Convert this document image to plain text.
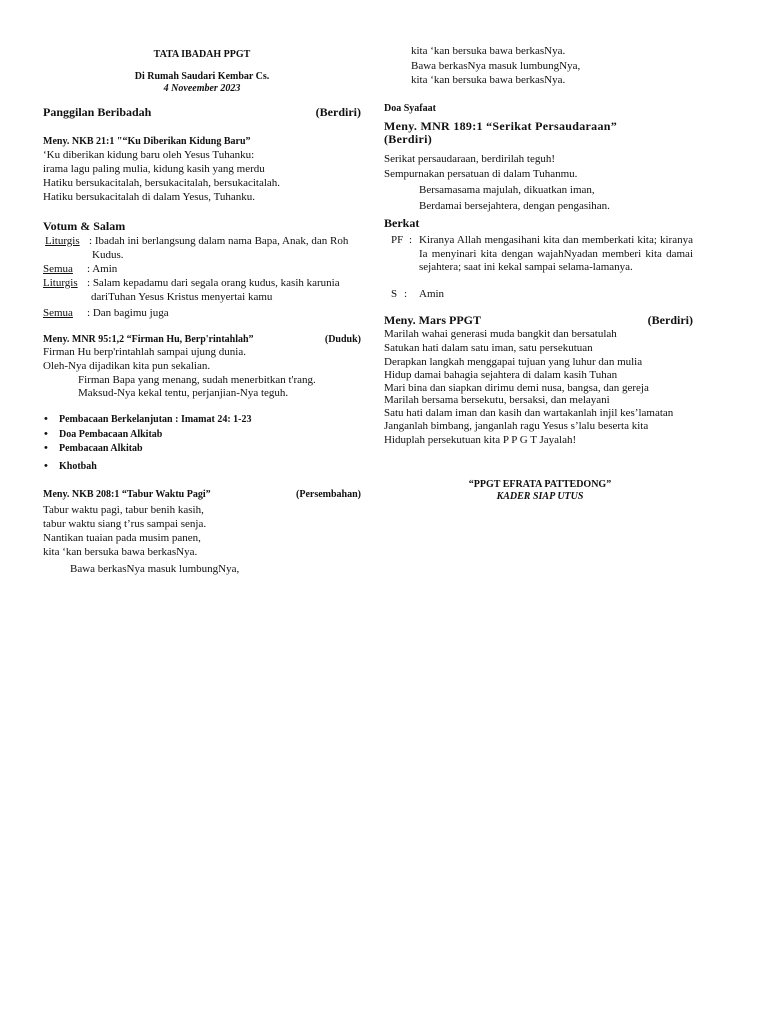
TATA IBADAH PPGT
Di Rumah Saudari Kembar Cs.
4 Noveember 2023
Panggilan Beribadah	(Berdiri)
Meny. NKB 21:1 "“Ku Diberikan Kidung Baru”
‘Ku diberikan kidung baru oleh Yesus Tuhanku:
irama lagu paling mulia, kidung kasih yang merdu
Hatiku bersukacitalah, bersukacitalah, bersukacitalah.
Hatiku bersukacitalah di dalam Yesus, Tuhanku.
Votum & Salam
Liturgis : Ibadah ini berlangsung dalam nama Bapa, Anak, dan Roh
Kudus.
Semua : Amin
Liturgis : Salam kepadamu dari segala orang kudus, kasih karunia
dariTuhan Yesus Kristus menyertai kamu
Semua : Dan bagimu juga
Meny. MNR 95:1,2 “Firman Hu, Berp'rintahlah”	(Duduk)
Firman Hu berp'rintahlah sampai ujung dunia.
Oleh-Nya dijadikan kita pun sekalian.
Firman Bapa yang menang, sudah menerbitkan t'rang.
Maksud-Nya kekal tentu, perjanjian-Nya teguh.
• Pembacaan Berkelanjutan : Imamat 24: 1-23
• Doa Pembacaan Alkitab
• Pembacaan Alkitab
• Khotbah
Meny. NKB 208:1 “Tabur Waktu Pagi”	(Persembahan)
Tabur waktu pagi, tabur benih kasih,
tabur waktu siang t’rus sampai senja.
Nantikan tuaian pada musim panen,
kita ‘kan bersuka bawa berkasNya.
Bawa berkasNya masuk lumbungNya,
kita ‘kan bersuka bawa berkasNya.
Bawa berkasNya masuk lumbungNya,
kita ‘kan bersuka bawa berkasNya.
Doa Syafaat
Meny. MNR 189:1 “Serikat Persaudaraan”
(Berdiri)
Serikat persaudaraan, berdirilah teguh!
Sempurnakan persatuan di dalam Tuhanmu.
Bersamasama majulah, dikuatkan iman,
Berdamai bersejahtera, dengan pengasihan.
Berkat
PF : Kiranya Allah mengasihani kita dan memberkati kita; kiranya Ia menyinari kita dengan wajahNyadan memberi kita damai sejahtera; saat ini kekal sampai selama-lamanya.
S : Amin
Meny. Mars PPGT	(Berdiri)
Marilah wahai generasi muda bangkit dan bersatulah
Satukan hati dalam satu iman, satu persekutuan
Derapkan langkah menggapai tujuan yang luhur dan mulia
Hidup damai bahagia sejahtera di dalam kasih Tuhan
Mari bina dan siapkan dirimu demi nusa, bangsa, dan gereja
Marilah bersama bersekutu, bersaksi, dan melayani
Satu hati dalam iman dan kasih dan wartakanlah injil kes’lamatan
Janganlah bimbang, janganlah ragu Yesus s’lalu beserta kita
Hiduplah persekutuan kita P P G T Jayalah!
“PPGT EFRATA PATTEDONG”
KADER SIAP UTUS
